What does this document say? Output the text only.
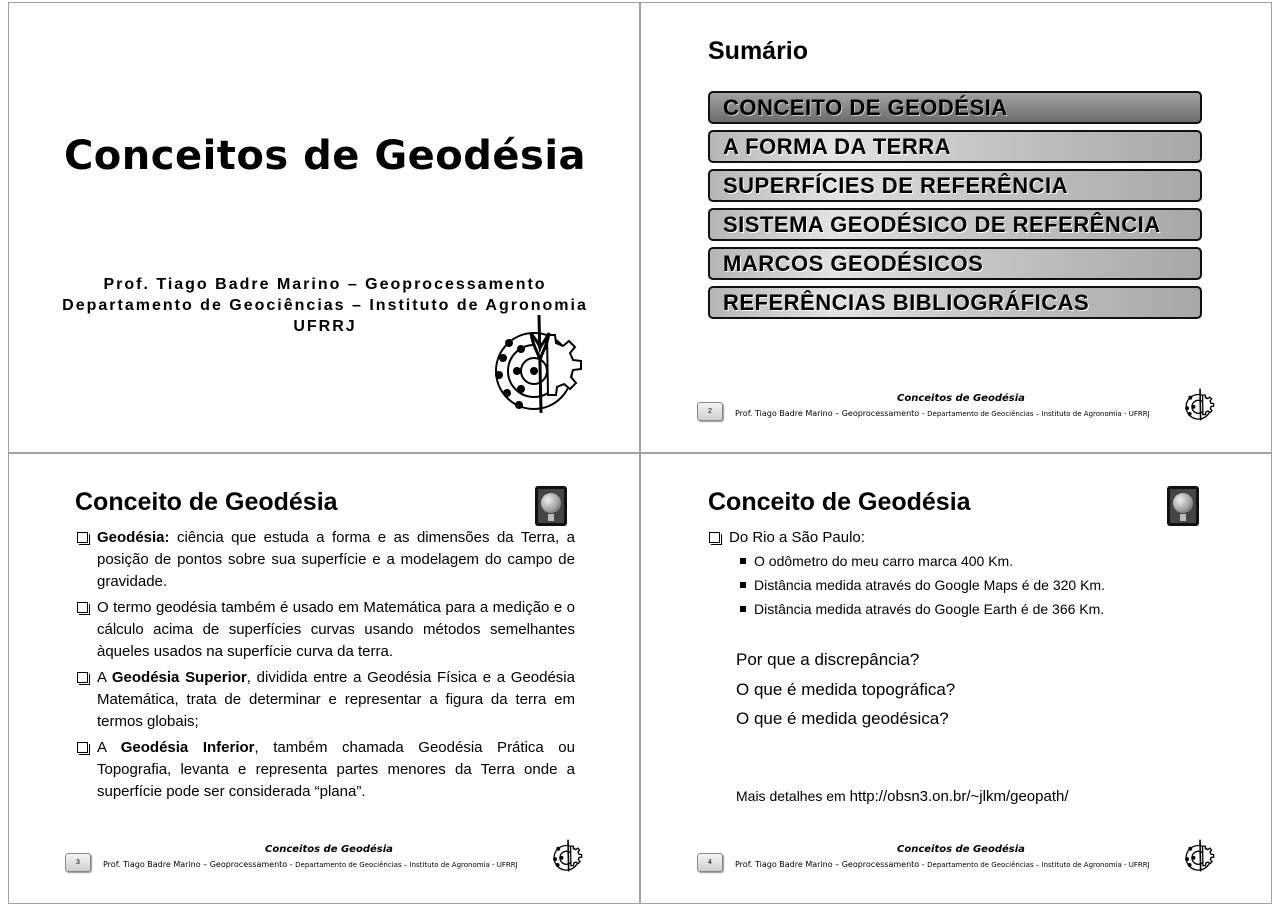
Conceitos de Geodésia
Prof. Tiago Badre Marino – Geoprocessamento
Departamento de Geociências – Instituto de Agronomia
UFRRJ
Sumário
CONCEITO DE GEODÉSIA
A FORMA DA TERRA
SUPERFÍCIES DE REFERÊNCIA
SISTEMA GEODÉSICO DE REFERÊNCIA
MARCOS GEODÉSICOS
REFERÊNCIAS BIBLIOGRÁFICAS
Conceitos de Geodésia
2	Prof. Tiago Badre Marino – Geoprocessamento - Departamento de Geociências – Instituto de Agronomia - UFRRJ
Conceito de Geodésia
Geodésia: ciência que estuda a forma e as dimensões da Terra, a posição de pontos sobre sua superfície e a modelagem do campo de gravidade.
O termo geodésia também é usado em Matemática para a medição e o cálculo acima de superfícies curvas usando métodos semelhantes àqueles usados na superfície curva da terra.
A Geodésia Superior, dividida entre a Geodésia Física e a Geodésia Matemática, trata de determinar e representar a figura da terra em termos globais;
A Geodésia Inferior, também chamada Geodésia Prática ou Topografia, levanta e representa partes menores da Terra onde a superfície pode ser considerada “plana”.
Conceitos de Geodésia
3	Prof. Tiago Badre Marino – Geoprocessamento - Departamento de Geociências – Instituto de Agronomia - UFRRJ
Conceito de Geodésia
Do Rio a São Paulo:
O odômetro do meu carro marca 400 Km.
Distância medida através do Google Maps é de 320 Km.
Distância medida através do Google Earth é de 366 Km.
Por que a discrepância?
O que é medida topográfica?
O que é medida geodésica?
Mais detalhes em http://obsn3.on.br/~jlkm/geopath/
Conceitos de Geodésia
4	Prof. Tiago Badre Marino – Geoprocessamento - Departamento de Geociências – Instituto de Agronomia - UFRRJ
